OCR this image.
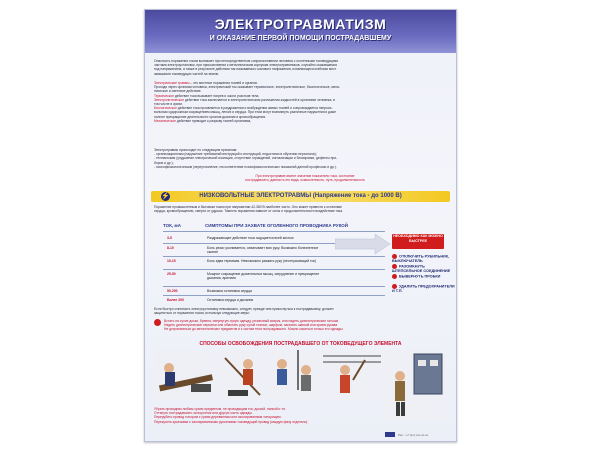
ЭЛЕКТРОТРАВМАТИЗМ
И ОКАЗАНИЕ ПЕРВОЙ ПОМОЩИ ПОСТРАДАВШЕМУ
Опасность поражения током возникает при непосредственном соприкосновении человека с оголенными токоведущими
частями электроустановок, при прикосновении к металлическим корпусам электроприемников, случайно оказавшимся
под напряжением, а также в результате действия так называемого шагового напряжения, появляющегося вблизи мест
замыкания токоведущих частей на землю.
Электрические травмы – это местные поражения тканей и органов.
Проходя через организм человека, электрический ток оказывает термическое, электролитическое, биологическое, меха-
ническое и световое действие.
Термическое действие тока вызывает нагрев и ожоги участков тела.
Электролитическое действие тока заключается в электролитическом разложении жидкостей в организме человека, в
том числе и крови.
Биологическое действие тока проявляется в раздражении и возбуждении живых тканей и сопровождается непроиз-
вольным судорожным сокращением мышц, легких и сердца. При этом могут возникнуть различные нарушения и даже
полное прекращение деятельности органов дыхания и кровообращения.
Механическое действие приводит к разрыву тканей организма,
Электротравмы происходят по следующим причинам:
- организационным (нарушение требований инструкций и инструкций, недостатки в обучении персонала);
- техническим (ухудшение электрической изоляции, отсутствие ограждений, сигнализации и блокировки, дефекты при-
боров и др.);
- психофизиологическим (переутомление, несоответствие психофизиологических показаний данной профессии и др.).
При электротравме имеют значение показатели тока, состояние
пострадавшего, давность его вида, осмысленность, путь, продолжительность
⚡	НИЗКОВОЛЬТНЫЕ ЭЛЕКТРОТРАВМЫ (Напряжение тока - до 1000 В)
Поражение промышленным и бытовым током при напряжении 42-380 В наиболее часто. Оно может привести к остановке
сердца, кровообращению, смерти от удушья. Тяжесть поражения зависит от силы и продолжительности воздействия тока.
ТОК, мА	СИМПТОМЫ ПРИ ЗАХВАТЕ ОГОЛЕННОГО ПРОВОДНИКА РУКОЙ
3-5	Раздражающее действие тока ощущается всей кистью
8-10	Боль резко усиливается, охватывает всю руку. Возможно болезненное сжатие
10-15	Боль едва терпимая. Невозможно разжать руку (неотпускающий ток)
25-50	Мощное сокращение дыхательных мышц, затруднение и прекращение дыхания, аритмия
50-200	Возможна остановка сердца
Более 200	Остановка сердца и дыхания
НЕОБХОДИМО КАК МОЖНО БЫСТРЕЕ
ОТКЛЮЧИТЬ РУБИЛЬНИК, ВЫКЛЮЧАТЕЛЬ
РАЗОМКНУТЬ ШТЕПСЕЛЬНОЕ СОЕДИНЕНИЕ
ВЫВЕРНУТЬ ПРОБКИ
УДАЛИТЬ ПРЕДОХРАНИТЕЛИ И Т.П.
Если быстро отключить электроустановку невозможно, следует, прежде чем прикоснуться к пострадавшему, должен
защититься от поражения током, используя следующие меры:
Встать на сухие доски, бревна, свернутую сухую одежду, резиновый коврик, или надеть диэлектрические галоши
Надеть диэлектрические перчатки или обмотать руку сухой тканью, шарфом, закатать шапкой или краем рукава
Не дотрагиваться до металлических предметов и к частям тела пострадавшего. Можно касаться только его одежды.
СПОСОБЫ ОСВОБОЖДЕНИЯ ПОСТРАДАВШЕГО ОТ ТОКОВЕДУЩЕГО ЭЛЕМЕНТА
Убрать проводник любым сухим предметом, не проводящим ток: доской, палкой и т.п.
Оттянуть пострадавшего за воротник или другую часть одежды.
Перерубить провод топором с сухим деревянным или изолированным топорищем.
Перекусить кусачками с изолированными рукоятками токоведущий провод (каждую фазу отдельно)
Тел.: +7 (xx) xxx-xx-xx
